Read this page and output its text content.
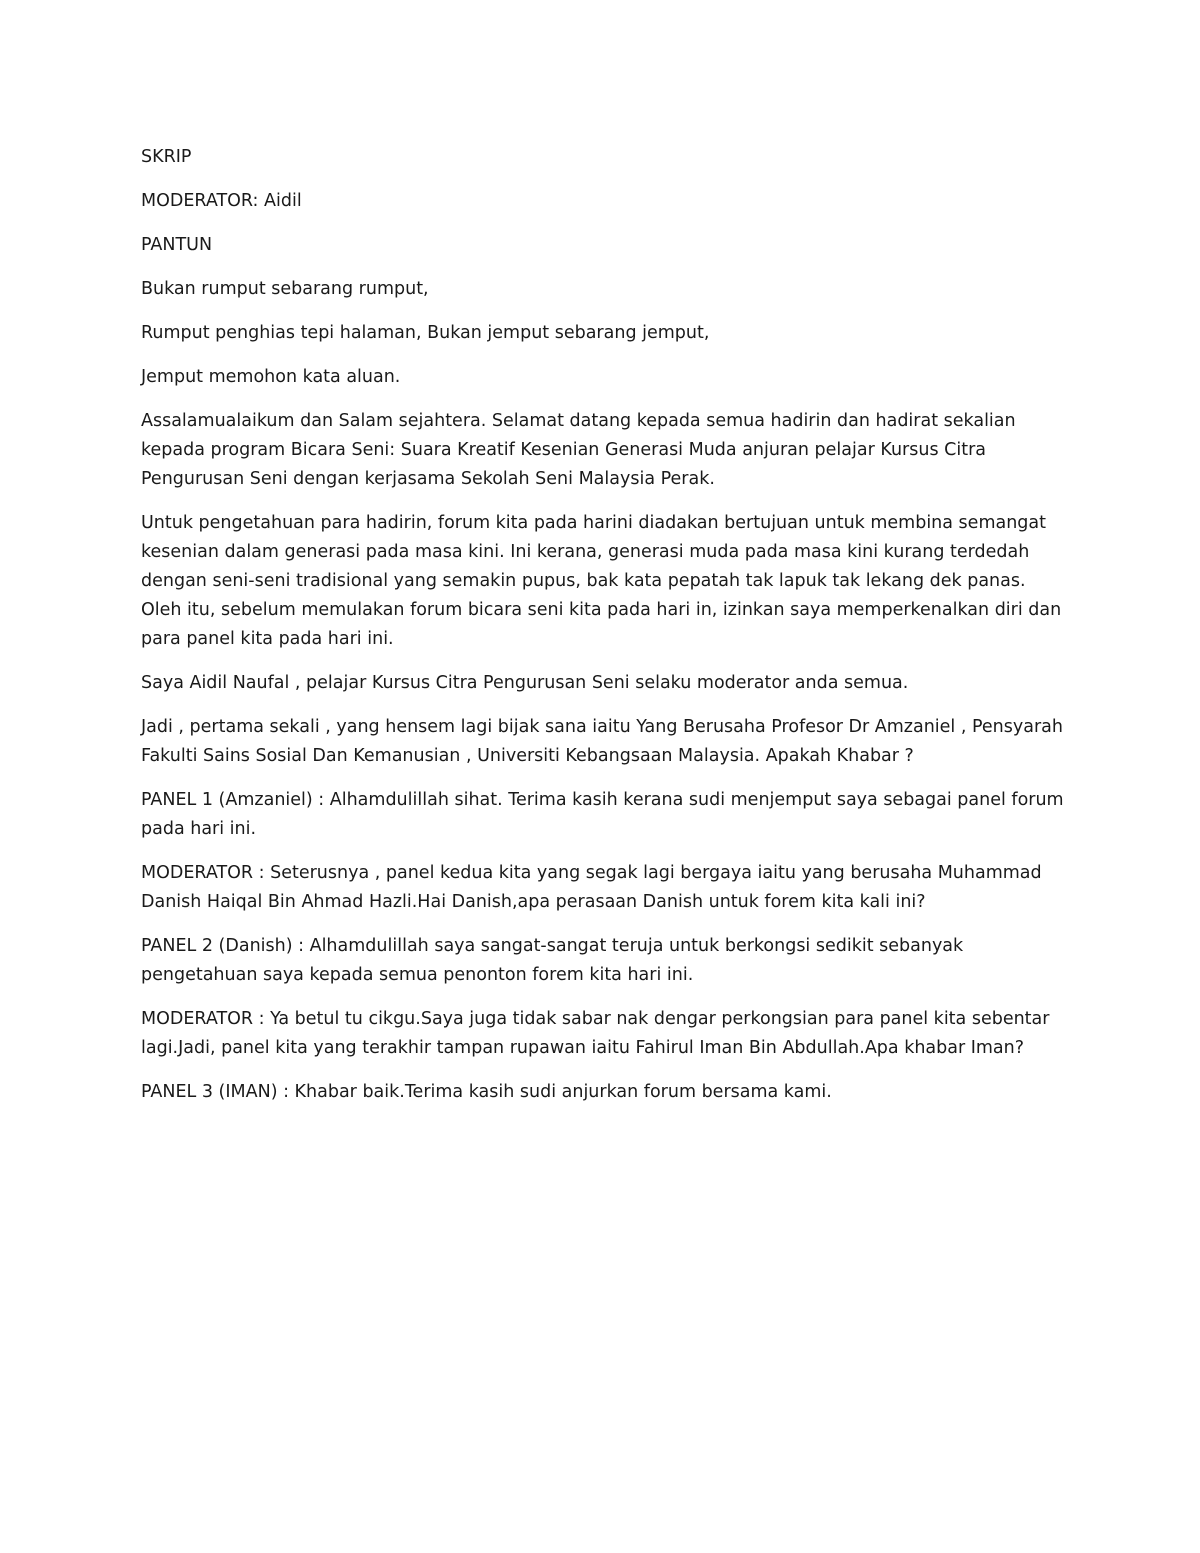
SKRIP

MODERATOR: Aidil

PANTUN

Bukan rumput sebarang rumput,

Rumput penghias tepi halaman, Bukan jemput sebarang jemput,

Jemput memohon kata aluan.

Assalamualaikum dan Salam sejahtera. Selamat datang kepada semua hadirin dan hadirat sekalian kepada program Bicara Seni: Suara Kreatif Kesenian Generasi Muda anjuran pelajar Kursus Citra Pengurusan Seni dengan kerjasama Sekolah Seni Malaysia Perak.

Untuk pengetahuan para hadirin, forum kita pada harini diadakan bertujuan untuk membina semangat kesenian dalam generasi pada masa kini. Ini kerana, generasi muda pada masa kini kurang terdedah dengan seni-seni tradisional yang semakin pupus, bak kata pepatah tak lapuk tak lekang dek panas. Oleh itu, sebelum memulakan forum bicara seni kita pada hari in, izinkan saya memperkenalkan diri dan para panel kita pada hari ini.

Saya Aidil Naufal , pelajar Kursus Citra Pengurusan Seni selaku moderator anda semua.

Jadi , pertama sekali , yang hensem lagi bijak sana iaitu Yang Berusaha Profesor Dr Amzaniel , Pensyarah Fakulti Sains Sosial Dan Kemanusian , Universiti Kebangsaan Malaysia. Apakah Khabar ?

PANEL 1 (Amzaniel) : Alhamdulillah sihat. Terima kasih kerana sudi menjemput saya sebagai panel forum pada hari ini.

MODERATOR : Seterusnya , panel kedua kita yang segak lagi bergaya iaitu yang berusaha Muhammad Danish Haiqal Bin Ahmad Hazli.Hai Danish,apa perasaan Danish untuk forem kita kali ini?

PANEL 2 (Danish) : Alhamdulillah saya sangat-sangat teruja untuk berkongsi sedikit sebanyak pengetahuan saya kepada semua penonton forem kita hari ini.

MODERATOR : Ya betul tu cikgu.Saya juga tidak sabar nak dengar perkongsian para panel kita sebentar lagi.Jadi, panel kita yang terakhir tampan rupawan iaitu Fahirul Iman Bin Abdullah.Apa khabar Iman?

PANEL 3 (IMAN) : Khabar baik.Terima kasih sudi anjurkan forum bersama kami.
